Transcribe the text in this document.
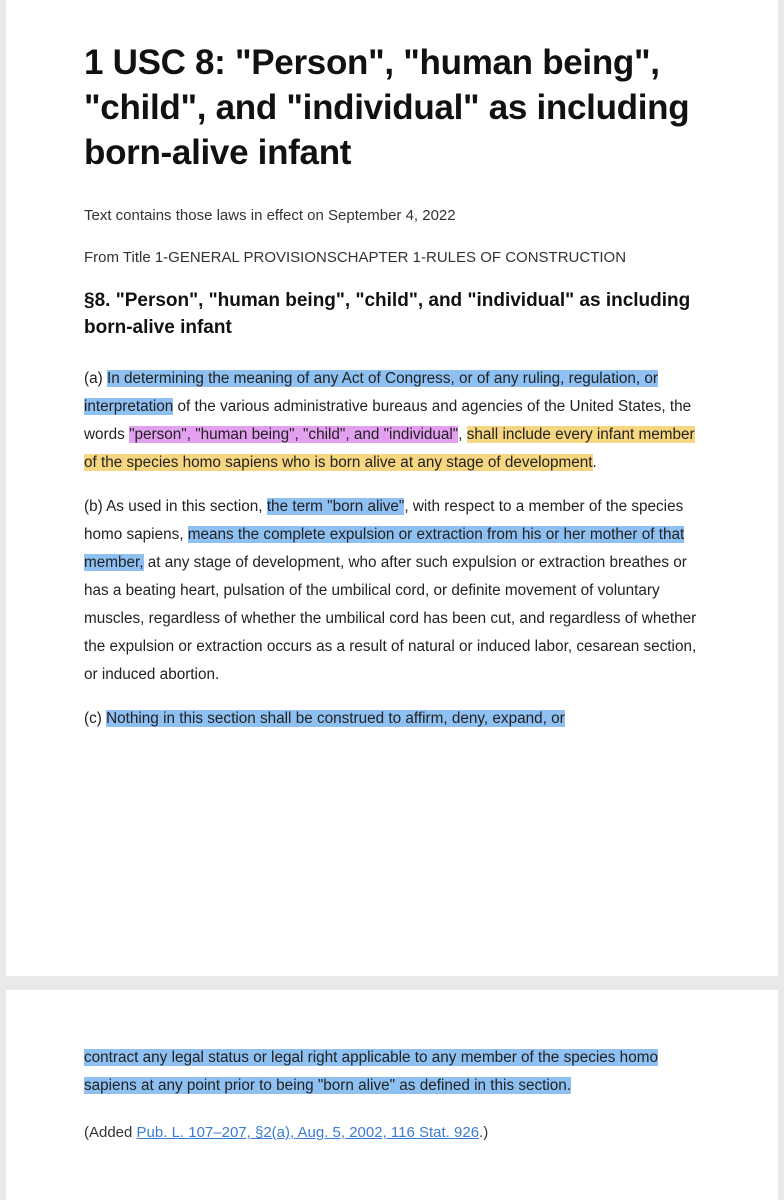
1 USC 8: "Person", "human being", "child", and "individual" as including born-alive infant

Text contains those laws in effect on September 4, 2022

From Title 1-GENERAL PROVISIONSCHAPTER 1-RULES OF CONSTRUCTION

§8. "Person", "human being", "child", and "individual" as including born-alive infant

(a) In determining the meaning of any Act of Congress, or of any ruling, regulation, or interpretation of the various administrative bureaus and agencies of the United States, the words "person", "human being", "child", and "individual", shall include every infant member of the species homo sapiens who is born alive at any stage of development.

(b) As used in this section, the term "born alive", with respect to a member of the species homo sapiens, means the complete expulsion or extraction from his or her mother of that member, at any stage of development, who after such expulsion or extraction breathes or has a beating heart, pulsation of the umbilical cord, or definite movement of voluntary muscles, regardless of whether the umbilical cord has been cut, and regardless of whether the expulsion or extraction occurs as a result of natural or induced labor, cesarean section, or induced abortion.

(c) Nothing in this section shall be construed to affirm, deny, expand, or

contract any legal status or legal right applicable to any member of the species homo sapiens at any point prior to being "born alive" as defined in this section.

(Added Pub. L. 107–207, §2(a), Aug. 5, 2002, 116 Stat. 926.)
